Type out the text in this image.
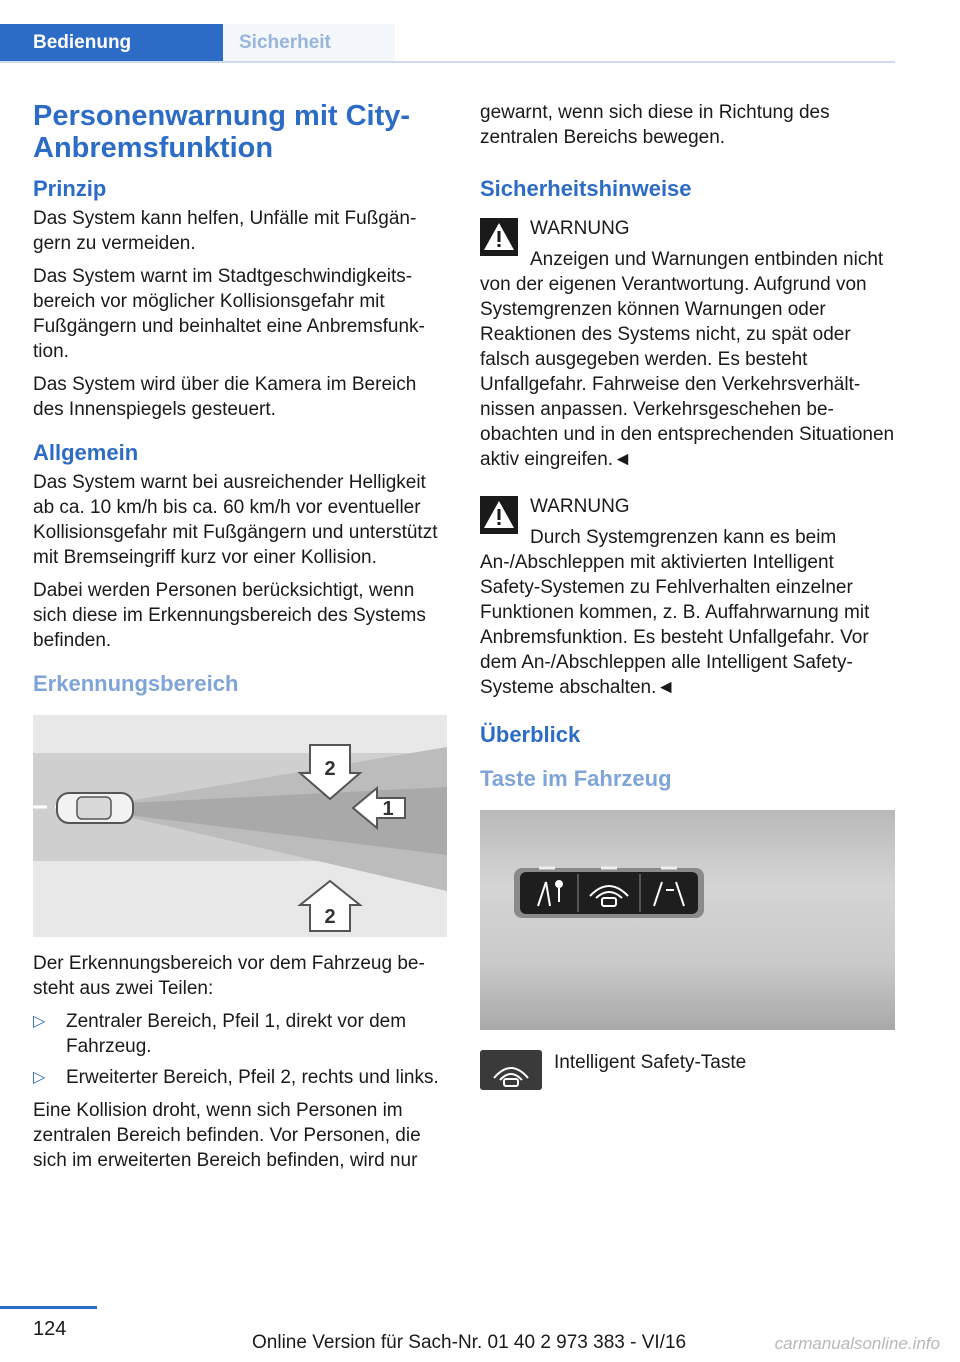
Bedienung	Sicherheit
Personenwarnung mit City-Anbremsfunktion
Prinzip

Das System kann helfen, Unfälle mit Fußgängern zu vermeiden.

Das System warnt im Stadtgeschwindigkeitsbereich vor möglicher Kollisionsgefahr mit Fußgängern und beinhaltet eine Anbremsfunktion.

Das System wird über die Kamera im Bereich des Innenspiegels gesteuert.

Allgemein

Das System warnt bei ausreichender Helligkeit ab ca. 10 km/h bis ca. 60 km/h vor eventueller Kollisionsgefahr mit Fußgängern und unterstützt mit Bremseingriff kurz vor einer Kollision.

Dabei werden Personen berücksichtigt, wenn sich diese im Erkennungsbereich des Systems befinden.

Erkennungsbereich
2
1
2

Der Erkennungsbereich vor dem Fahrzeug besteht aus zwei Teilen:

▷ Zentraler Bereich, Pfeil 1, direkt vor dem Fahrzeug.
▷ Erweiterter Bereich, Pfeil 2, rechts und links.

Eine Kollision droht, wenn sich Personen im zentralen Bereich befinden. Vor Personen, die sich im erweiterten Bereich befinden, wird nur

gewarnt, wenn sich diese in Richtung des zentralen Bereichs bewegen.

Sicherheitshinweise
WARNUNG
Anzeigen und Warnungen entbinden nicht von der eigenen Verantwortung. Aufgrund von Systemgrenzen können Warnungen oder Reaktionen des Systems nicht, zu spät oder falsch ausgegeben werden. Es besteht Unfallgefahr. Fahrweise den Verkehrsverhältnissen anpassen. Verkehrsgeschehen beobachten und in den entsprechenden Situationen aktiv eingreifen.◄
WARNUNG
Durch Systemgrenzen kann es beim An-/Abschleppen mit aktivierten Intelligent Safety-Systemen zu Fehlverhalten einzelner Funktionen kommen, z. B. Auffahrwarnung mit Anbremsfunktion. Es besteht Unfallgefahr. Vor dem An-/Abschleppen alle Intelligent Safety-Systeme abschalten.◄
Überblick
Taste im Fahrzeug
Intelligent Safety-Taste
124
Online Version für Sach-Nr. 01 40 2 973 383 - VI/16	carmanualsonline.info
